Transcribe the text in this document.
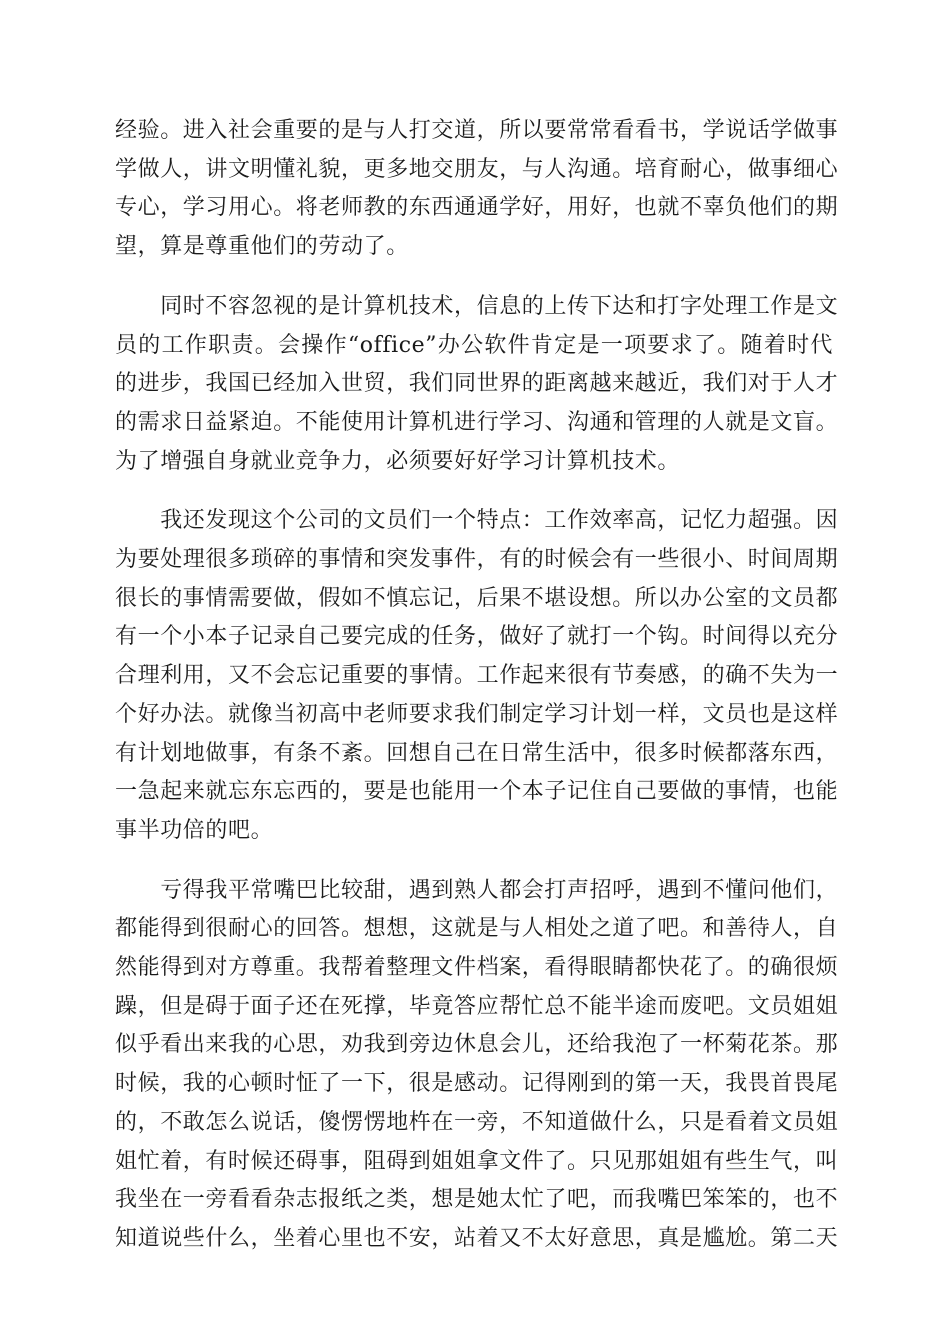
经验。进入社会重要的是与人打交道，所以要常常看看书，学说话学做事
学做人，讲文明懂礼貌，更多地交朋友，与人沟通。培育耐心，做事细心
专心，学习用心。将老师教的东西通通学好，用好，也就不辜负他们的期
望，算是尊重他们的劳动了。

　　同时不容忽视的是计算机技术，信息的上传下达和打字处理工作是文
员的工作职责。会操作“office”办公软件肯定是一项要求了。随着时代
的进步，我国已经加入世贸，我们同世界的距离越来越近，我们对于人才
的需求日益紧迫。不能使用计算机进行学习、沟通和管理的人就是文盲。
为了增强自身就业竞争力，必须要好好学习计算机技术。

　　我还发现这个公司的文员们一个特点：工作效率高，记忆力超强。因
为要处理很多琐碎的事情和突发事件，有的时候会有一些很小、时间周期
很长的事情需要做，假如不慎忘记，后果不堪设想。所以办公室的文员都
有一个小本子记录自己要完成的任务，做好了就打一个钩。时间得以充分
合理利用，又不会忘记重要的事情。工作起来很有节奏感，的确不失为一
个好办法。就像当初高中老师要求我们制定学习计划一样，文员也是这样
有计划地做事，有条不紊。回想自己在日常生活中，很多时候都落东西，
一急起来就忘东忘西的，要是也能用一个本子记住自己要做的事情，也能
事半功倍的吧。

　　亏得我平常嘴巴比较甜，遇到熟人都会打声招呼，遇到不懂问他们，
都能得到很耐心的回答。想想，这就是与人相处之道了吧。和善待人，自
然能得到对方尊重。我帮着整理文件档案，看得眼睛都快花了。的确很烦
躁，但是碍于面子还在死撑，毕竟答应帮忙总不能半途而废吧。文员姐姐
似乎看出来我的心思，劝我到旁边休息会儿，还给我泡了一杯菊花茶。那
时候，我的心顿时怔了一下，很是感动。记得刚到的第一天，我畏首畏尾
的，不敢怎么说话，傻愣愣地杵在一旁，不知道做什么，只是看着文员姐
姐忙着，有时候还碍事，阻碍到姐姐拿文件了。只见那姐姐有些生气，叫
我坐在一旁看看杂志报纸之类，想是她太忙了吧，而我嘴巴笨笨的，也不
知道说些什么，坐着心里也不安，站着又不太好意思，真是尴尬。第二天
